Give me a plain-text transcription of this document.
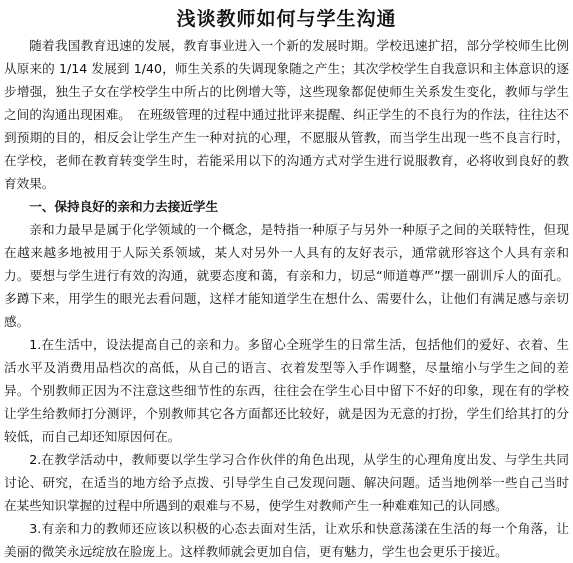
浅谈教师如何与学生沟通

随着我国教育迅速的发展，教育事业进入一个新的发展时期。学校迅速扩招，部分学校师生比例从原来的 1/14 发展到 1/40，师生关系的失调现象随之产生；其次学校学生自我意识和主体意识的逐步增强，独生子女在学校学生中所占的比例增大等，这些现象都促使师生关系发生变化，教师与学生之间的沟通出现困难。　在班级管理的过程中通过批评来提醒、纠正学生的不良行为的作法，往往达不到预期的目的，相反会让学生产生一种对抗的心理，不愿服从管教，而当学生出现一些不良言行时，在学校，老师在教育转变学生时，若能采用以下的沟通方式对学生进行说服教育，必将收到良好的教育效果。

一、保持良好的亲和力去接近学生

亲和力最早是属于化学领域的一个概念，是特指一种原子与另外一种原子之间的关联特性，但现在越来越多地被用于人际关系领域，某人对另外一人具有的友好表示，通常就形容这个人具有亲和力。要想与学生进行有效的沟通，就要态度和蔼，有亲和力，切忌“师道尊严”摆一副训斥人的面孔。多蹲下来，用学生的眼光去看问题，这样才能知道学生在想什么、需要什么，让他们有满足感与亲切感。

1.在生活中，设法提高自己的亲和力。多留心全班学生的日常生活，包括他们的爱好、衣着、生活水平及消费用品档次的高低，从自己的语言、衣着发型等入手作调整，尽量缩小与学生之间的差异。个别教师正因为不注意这些细节性的东西，往往会在学生心目中留下不好的印象，现在有的学校让学生给教师打分测评，个别教师其它各方面都还比较好，就是因为无意的打扮，学生们给其打的分较低，而自己却还知原因何在。

2.在教学活动中，教师要以学生学习合作伙伴的角色出现，从学生的心理角度出发、与学生共同讨论、研究，在适当的地方给予点拨、引导学生自己发现问题、解决问题。适当地例举一些自己当时在某些知识掌握的过程中所遇到的艰难与不易，使学生对教师产生一种难难知己的认同感。

3.有亲和力的教师还应该以积极的心态去面对生活，让欢乐和快意荡漾在生活的每一个角落，让美丽的微笑永远绽放在脸庞上。这样教师就会更加自信，更有魅力，学生也会更乐于接近。
